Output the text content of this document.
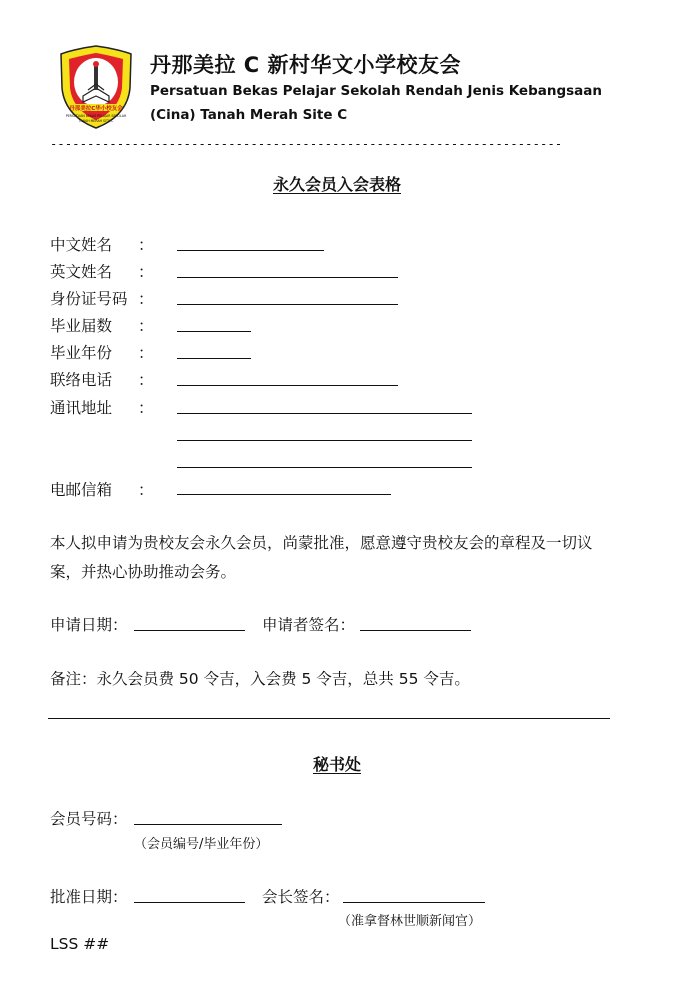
丹那美拉C华小校友会
PERSATUAN BEKAS PELAJAR SEKOLAH
TANAH MERAH SITE C
丹那美拉 C 新村华文小学校友会
Persatuan Bekas Pelajar Sekolah Rendah Jenis Kebangsaan
(Cina) Tanah Merah Site C
---------------------------------------------------------------------
永久会员入会表格
中文姓名 ：
英文姓名 ：
身份证号码 ：
毕业届数 ：
毕业年份 ：
联络电话 ：
通讯地址 ：
电邮信箱 ：
本人拟申请为贵校友会永久会员，尚蒙批准，愿意遵守贵校友会的章程及一切议案，并热心协助推动会务。
申请日期：	申请者签名：
备注：永久会员费 50 令吉，入会费 5 令吉，总共 55 令吉。
秘书处
会员号码：
（会员编号/毕业年份）
批准日期：	会长签名：
（准拿督林世顺新闻官）
LSS ##
